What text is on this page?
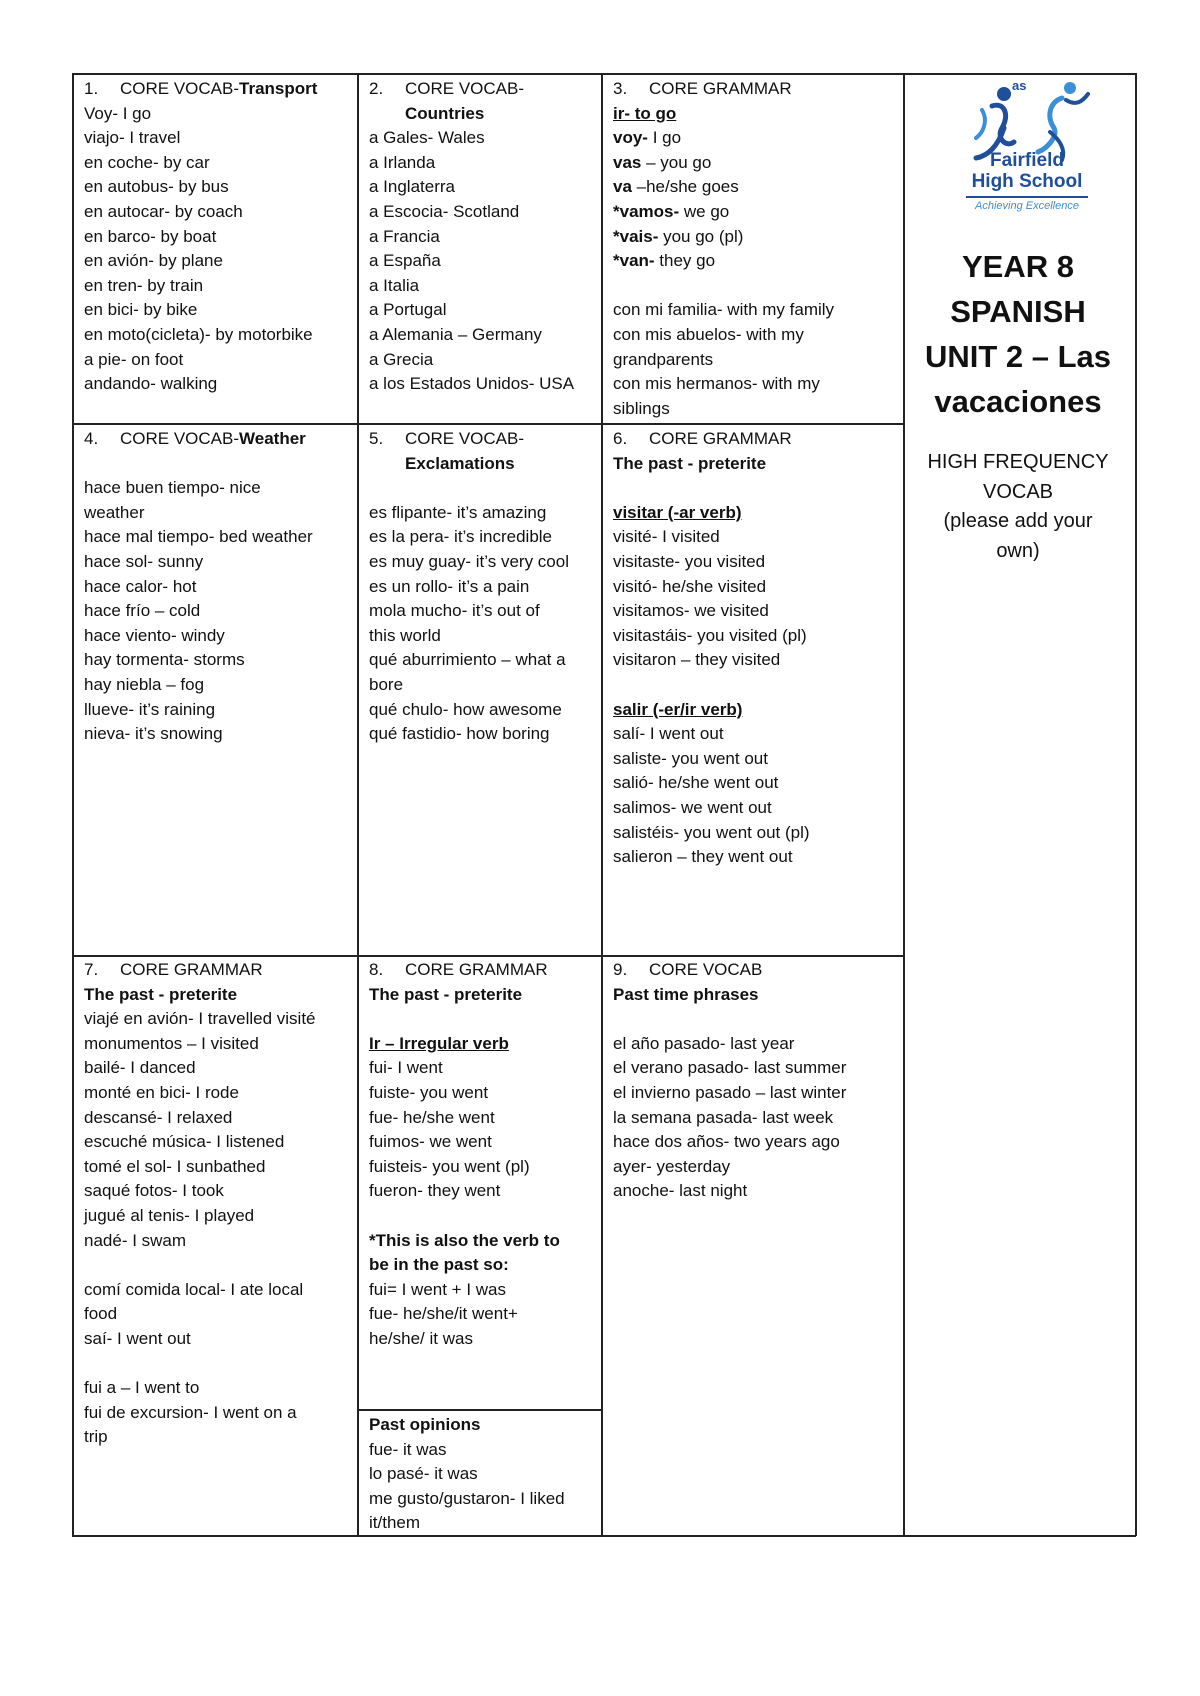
1.	CORE VOCAB- Transport
Voy- I go
viajo- I travel
en coche- by car
en autobus- by bus
en autocar- by coach
en barco- by boat
en avión- by plane
en tren- by train
en bici- by bike
en moto(cicleta)- by motorbike
a pie- on foot
andando- walking
2.	CORE VOCAB-
Countries
a Gales- Wales
a Irlanda
a Inglaterra
a Escocia- Scotland
a Francia
a España
a Italia
a Portugal
a Alemania – Germany
a Grecia
a los Estados Unidos- USA
3.	CORE GRAMMAR
ir- to go
voy- I go
vas – you go
va –he/she goes
*vamos- we go
*vais- you go (pl)
*van- they go
con mi familia- with my family
con mis abuelos- with my
grandparents
con mis hermanos- with my
siblings
4.	CORE VOCAB- Weather
hace buen tiempo- nice
weather
hace mal tiempo- bed weather
hace sol- sunny
hace calor- hot
hace frío – cold
hace viento- windy
hay tormenta- storms
hay niebla – fog
llueve- it’s raining
nieva- it’s snowing
5.	CORE VOCAB-
Exclamations
es flipante- it’s amazing
es la pera- it’s incredible
es muy guay- it’s very cool
es un rollo- it’s a pain
mola mucho- it’s out of
this world
qué aburrimiento – what a
bore
qué chulo- how awesome
qué fastidio- how boring
6.	CORE GRAMMAR
The past - preterite
visitar (-ar verb)
visité- I visited
visitaste- you visited
visitó- he/she visited
visitamos- we visited
visitastáis- you visited (pl)
visitaron – they visited
salir (-er/ir verb)
salí- I went out
saliste- you went out
salió- he/she went out
salimos- we went out
salistéis- you went out (pl)
salieron – they went out
7.	CORE GRAMMAR
The past - preterite
viajé en avión- I travelled visité
monumentos – I visited
bailé- I danced
monté en bici- I rode
descansé- I relaxed
escuché música- I listened
tomé el sol- I sunbathed
saqué fotos- I took
jugué al tenis- I played
nadé- I swam
comí comida local- I ate local
food
saí- I went out
fui a – I went to
fui de excursion- I went on a
trip
8.	CORE GRAMMAR
The past - preterite
Ir – Irregular verb
fui- I went
fuiste- you went
fue- he/she went
fuimos- we went
fuisteis- you went (pl)
fueron- they went
*This is also the verb to
be in the past so:
fui= I went + I was
fue- he/she/it went+
he/she/ it was
Past opinions
fue- it was
lo pasé- it was
me gusto/gustaron- I liked
it/them
9.	CORE VOCAB
Past time phrases
el año pasado- last year
el verano pasado- last summer
el invierno pasado – last winter
la semana pasada- last week
hace dos años- two years ago
ayer- yesterday
anoche- last night
as
Fairfield
High School
Achieving Excellence
YEAR 8
SPANISH
UNIT 2 – Las
vacaciones
HIGH FREQUENCY
VOCAB
(please add your
own)
